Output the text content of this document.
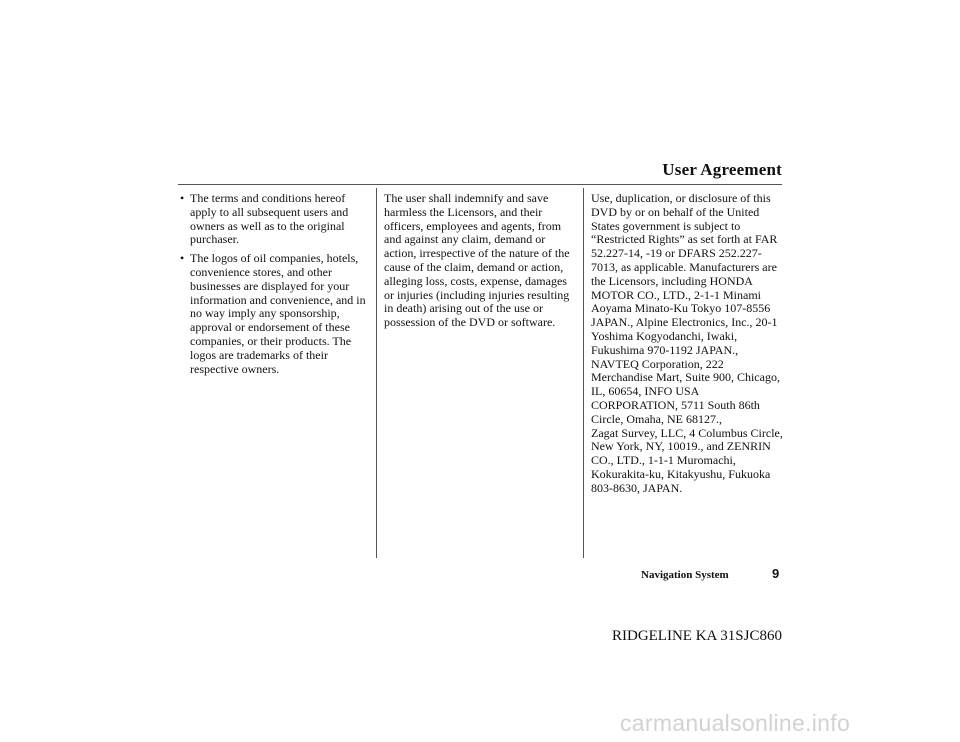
User Agreement
• The terms and conditions hereof apply to all subsequent users and owners as well as to the original purchaser.
• The logos of oil companies, hotels, convenience stores, and other businesses are displayed for your information and convenience, and in no way imply any sponsorship, approval or endorsement of these companies, or their products. The logos are trademarks of their respective owners.

The user shall indemnify and save harmless the Licensors, and their officers, employees and agents, from and against any claim, demand or action, irrespective of the nature of the cause of the claim, demand or action, alleging loss, costs, expense, damages or injuries (including injuries resulting in death) arising out of the use or possession of the DVD or software.

Use, duplication, or disclosure of this DVD by or on behalf of the United States government is subject to “Restricted Rights” as set forth at FAR 52.227-14, -19 or DFARS 252.227-7013, as applicable. Manufacturers are the Licensors, including HONDA MOTOR CO., LTD., 2-1-1 Minami Aoyama Minato-Ku Tokyo 107-8556 JAPAN., Alpine Electronics, Inc., 20-1 Yoshima Kogyodanchi, Iwaki, Fukushima 970-1192 JAPAN., NAVTEQ Corporation, 222 Merchandise Mart, Suite 900, Chicago, IL, 60654, INFO USA CORPORATION, 5711 South 86th Circle, Omaha, NE 68127.,

Zagat Survey, LLC, 4 Columbus Circle, New York, NY, 10019., and ZENRIN CO., LTD., 1-1-1 Muromachi, Kokurakita-ku, Kitakyushu, Fukuoka 803-8630, JAPAN.

Navigation System	9
RIDGELINE KA 31SJC860
carmanualsonline.info
